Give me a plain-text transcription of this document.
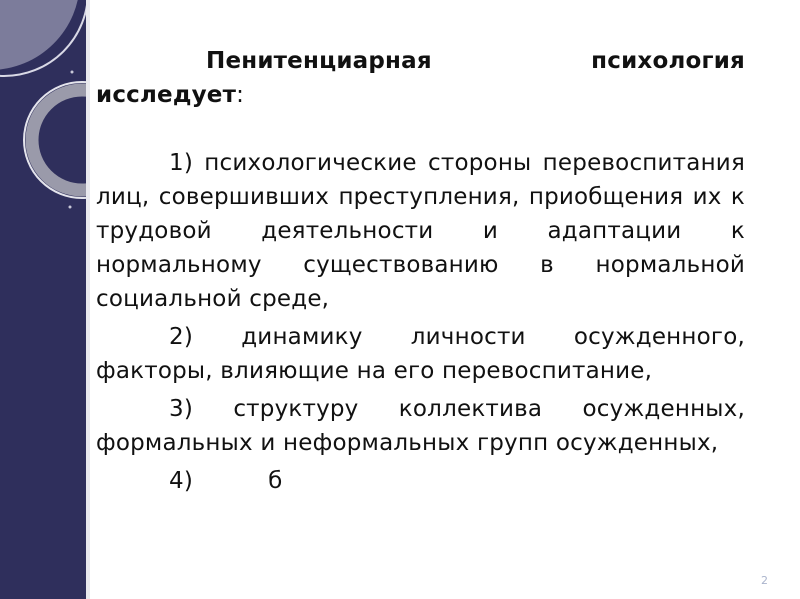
Пенитенциарная психология исследует:

1) психологические стороны перевоспитания лиц, совершивших преступления, приобщения их к трудовой деятельности и адаптации к нормальному существованию в нормальной социальной среде,

2) динамику личности осужденного, факторы, влияющие на его перевоспитание,

3) структуру коллектива осужденных, формальных и неформальных групп осужденных,

4)          б

2
